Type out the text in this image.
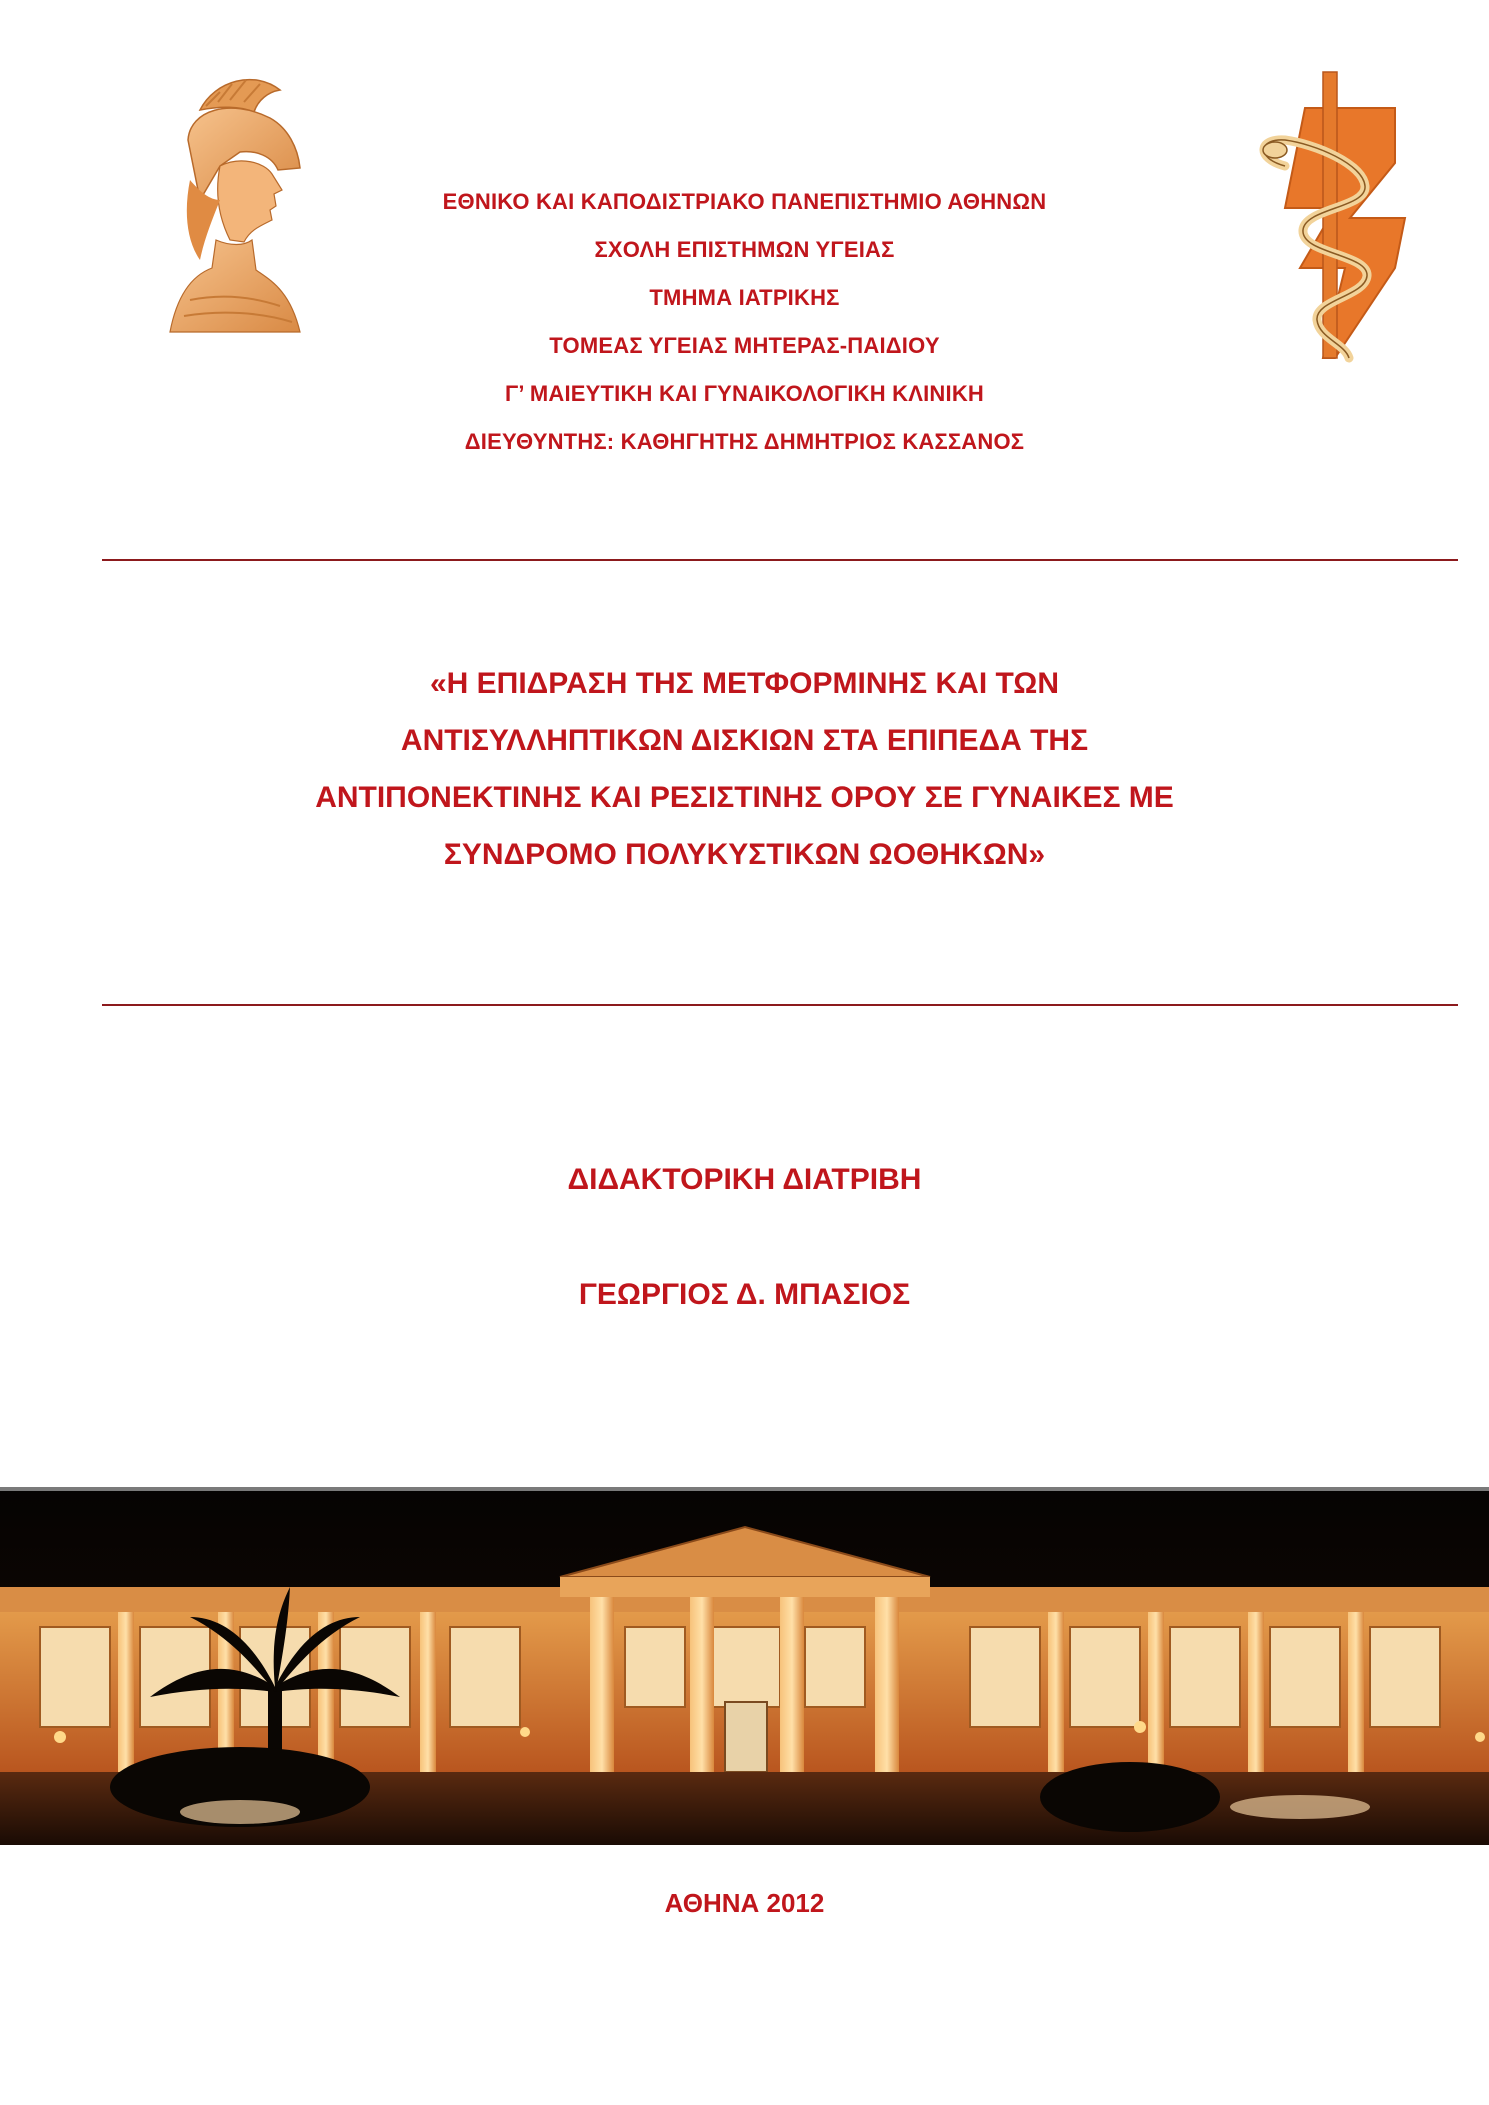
ΕΘΝΙΚΟ ΚΑΙ ΚΑΠΟΔΙΣΤΡΙΑΚΟ ΠΑΝΕΠΙΣΤΗΜΙΟ ΑΘΗΝΩΝ
ΣΧΟΛΗ ΕΠΙΣΤΗΜΩΝ ΥΓΕΙΑΣ
ΤΜΗΜΑ ΙΑΤΡΙΚΗΣ
ΤΟΜΕΑΣ ΥΓΕΙΑΣ ΜΗΤΕΡΑΣ-ΠΑΙΔΙΟΥ
Γ’ ΜΑΙΕΥΤΙΚΗ ΚΑΙ ΓΥΝΑΙΚΟΛΟΓΙΚΗ ΚΛΙΝΙΚΗ
ΔΙΕΥΘΥΝΤΗΣ: ΚΑΘΗΓΗΤΗΣ ΔΗΜΗΤΡΙΟΣ ΚΑΣΣΑΝΟΣ
«Η ΕΠΙΔΡΑΣΗ ΤΗΣ ΜΕΤΦΟΡΜΙΝΗΣ ΚΑΙ ΤΩΝ
ΑΝΤΙΣΥΛΛΗΠΤΙΚΩΝ ΔΙΣΚΙΩΝ ΣΤΑ ΕΠΙΠΕΔΑ ΤΗΣ
ΑΝΤΙΠΟΝΕΚΤΙΝΗΣ ΚΑΙ ΡΕΣΙΣΤΙΝΗΣ ΟΡΟΥ ΣΕ ΓΥΝΑΙΚΕΣ ΜΕ
ΣΥΝΔΡΟΜΟ ΠΟΛΥΚΥΣΤΙΚΩΝ ΩΟΘΗΚΩΝ»
ΔΙΔΑΚΤΟΡΙΚΗ ΔΙΑΤΡΙΒΗ
ΓΕΩΡΓΙΟΣ Δ. ΜΠΑΣΙΟΣ
ΑΘΗΝΑ 2012
